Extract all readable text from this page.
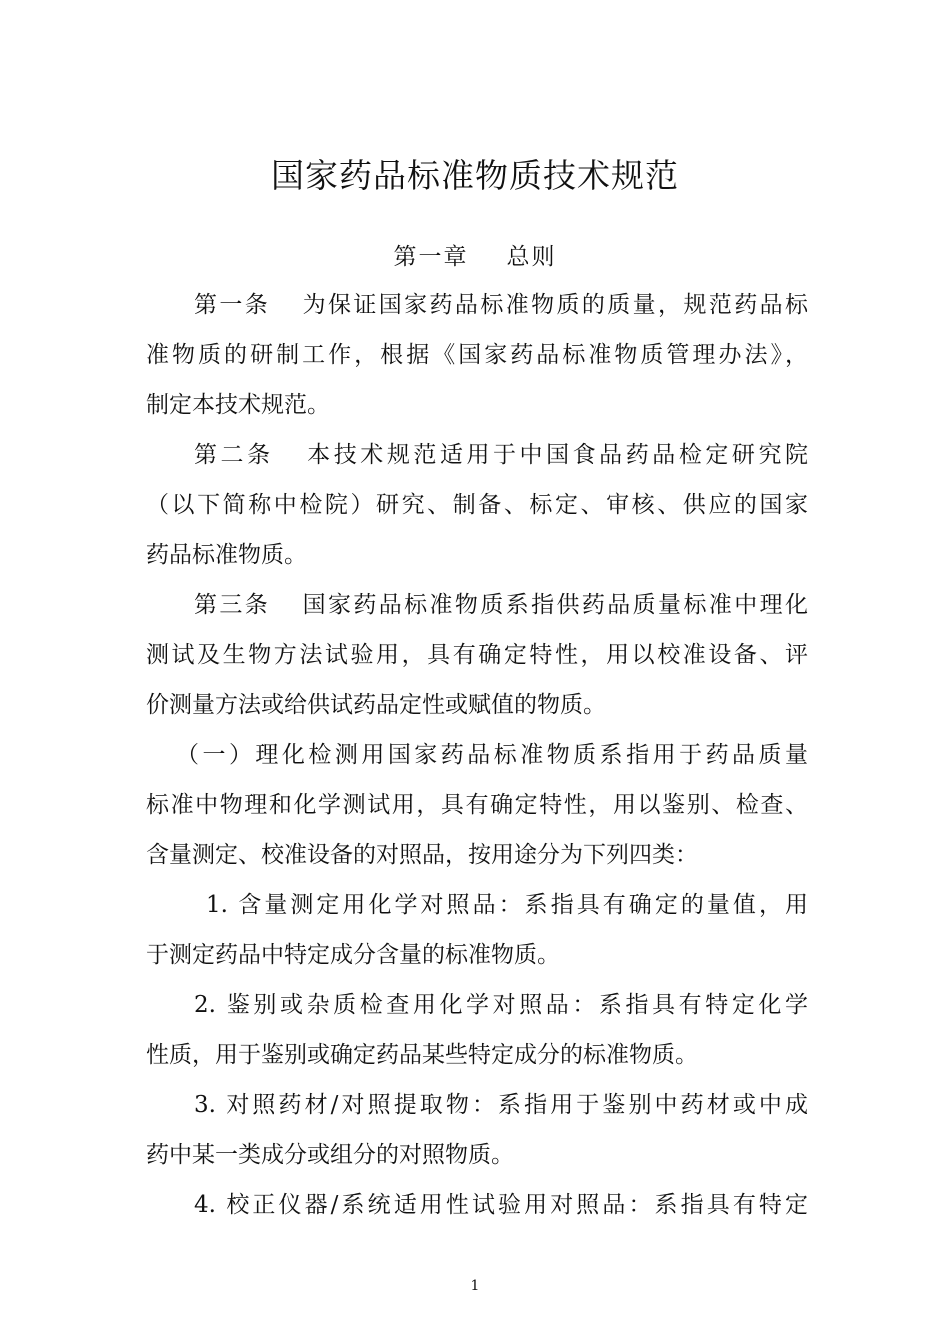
国家药品标准物质技术规范
第一章 总则
第一条 为保证国家药品标准物质的质量，规范药品标
准物质的研制工作，根据《国家药品标准物质管理办法》，
制定本技术规范。
第二条 本技术规范适用于中国食品药品检定研究院
（以下简称中检院）研究、制备、标定、审核、供应的国家
药品标准物质。
第三条 国家药品标准物质系指供药品质量标准中理化
测试及生物方法试验用，具有确定特性，用以校准设备、评
价测量方法或给供试药品定性或赋值的物质。
（一）理化检测用国家药品标准物质系指用于药品质量
标准中物理和化学测试用，具有确定特性，用以鉴别、检查、
含量测定、校准设备的对照品，按用途分为下列四类：
1. 含量测定用化学对照品：系指具有确定的量值，用
于测定药品中特定成分含量的标准物质。
2. 鉴别或杂质检查用化学对照品：系指具有特定化学
性质，用于鉴别或确定药品某些特定成分的标准物质。
3. 对照药材/对照提取物：系指用于鉴别中药材或中成
药中某一类成分或组分的对照物质。
4. 校正仪器/系统适用性试验用对照品：系指具有特定
1
